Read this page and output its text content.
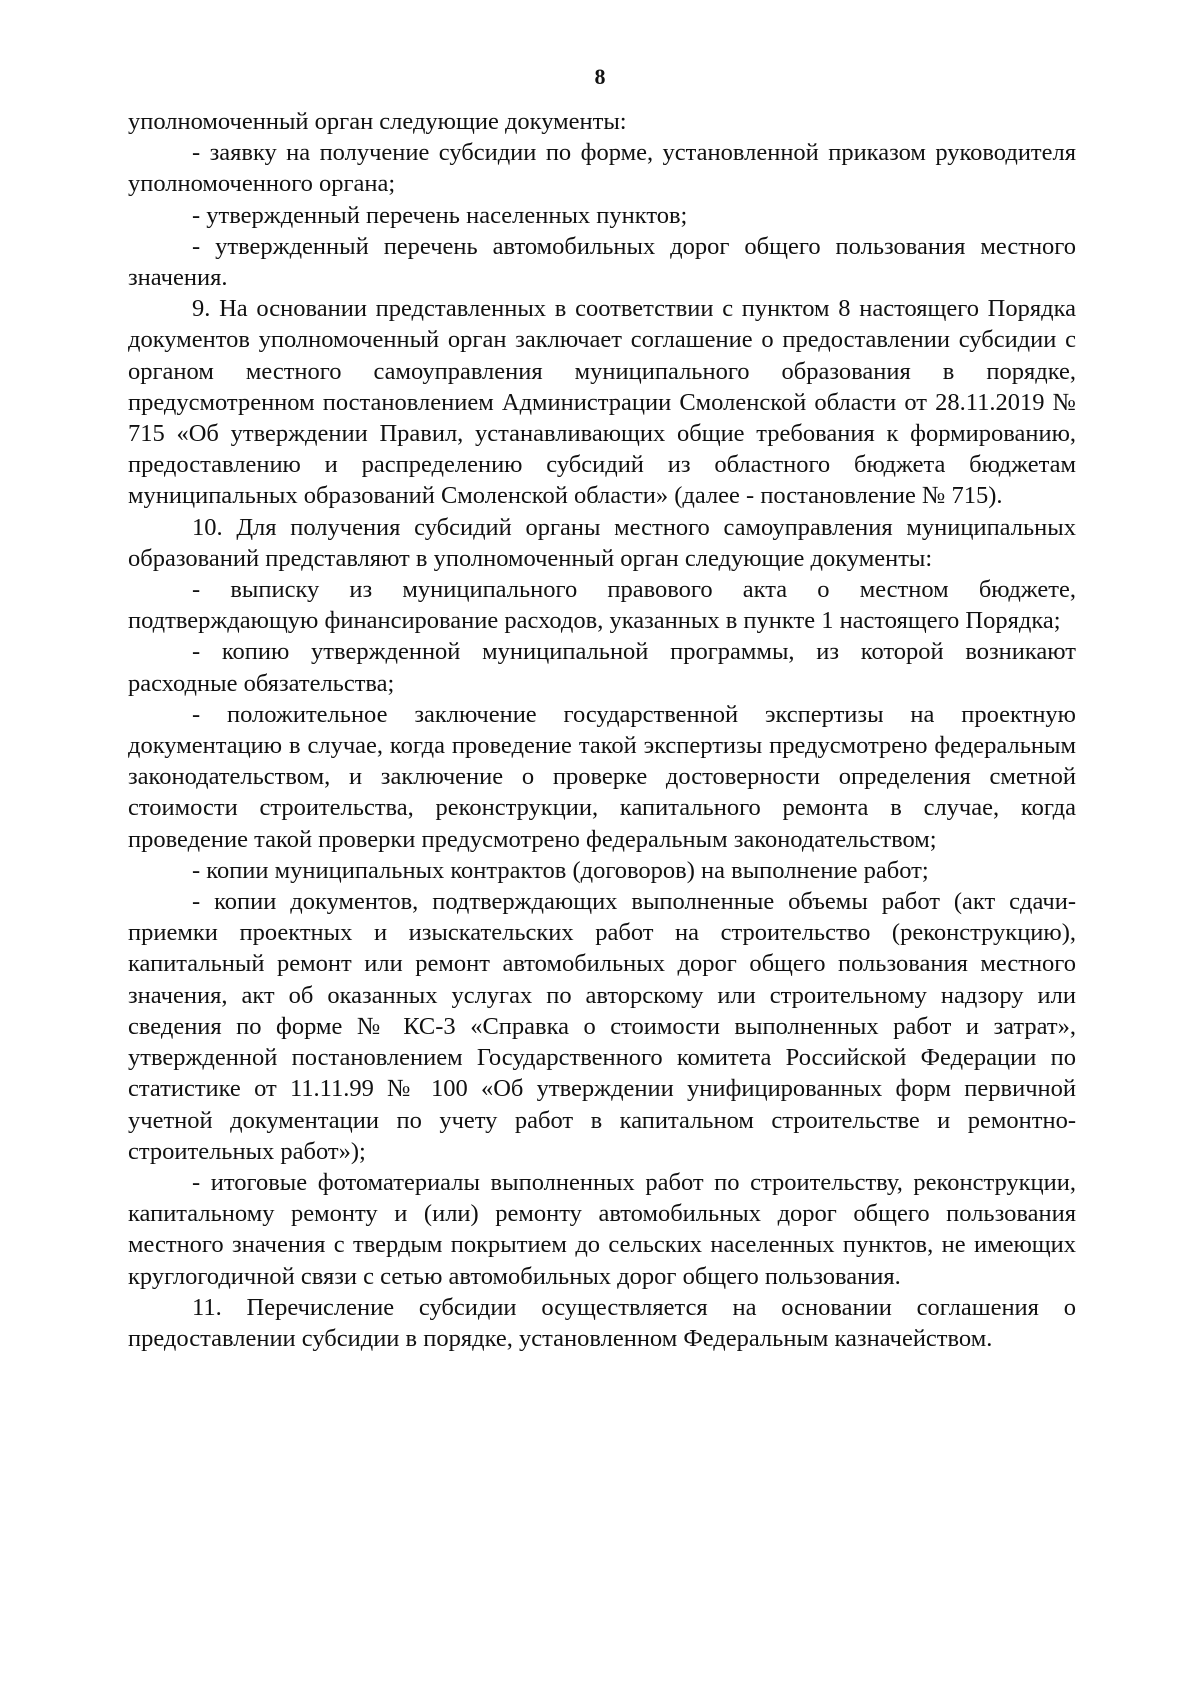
8

уполномоченный орган следующие документы:

- заявку на получение субсидии по форме, установленной приказом руководителя уполномоченного органа;

- утвержденный перечень населенных пунктов;

- утвержденный перечень автомобильных дорог общего пользования местного значения.

9. На основании представленных в соответствии с пунктом 8 настоящего Порядка документов уполномоченный орган заключает соглашение о предоставлении субсидии с органом местного самоуправления муниципального образования в порядке, предусмотренном постановлением Администрации Смоленской области от 28.11.2019 № 715 «Об утверждении Правил, устанавливающих общие требования к формированию, предоставлению и распределению субсидий из областного бюджета бюджетам муниципальных образований Смоленской области» (далее - постановление № 715).

10. Для получения субсидий органы местного самоуправления муниципальных образований представляют в уполномоченный орган следующие документы:

- выписку из муниципального правового акта о местном бюджете, подтверждающую финансирование расходов, указанных в пункте 1 настоящего Порядка;

- копию утвержденной муниципальной программы, из которой возникают расходные обязательства;

- положительное заключение государственной экспертизы на проектную документацию в случае, когда проведение такой экспертизы предусмотрено федеральным законодательством, и заключение о проверке достоверности определения сметной стоимости строительства, реконструкции, капитального ремонта в случае, когда проведение такой проверки предусмотрено федеральным законодательством;

- копии муниципальных контрактов (договоров) на выполнение работ;

- копии документов, подтверждающих выполненные объемы работ (акт сдачи-приемки проектных и изыскательских работ на строительство (реконструкцию), капитальный ремонт или ремонт автомобильных дорог общего пользования местного значения, акт об оказанных услугах по авторскому или строительному надзору или сведения по форме № КС-3 «Справка о стоимости выполненных работ и затрат», утвержденной постановлением Государственного комитета Российской Федерации по статистике от 11.11.99 № 100 «Об утверждении унифицированных форм первичной учетной документации по учету работ в капитальном строительстве и ремонтно-строительных работ»);

- итоговые фотоматериалы выполненных работ по строительству, реконструкции, капитальному ремонту и (или) ремонту автомобильных дорог общего пользования местного значения с твердым покрытием до сельских населенных пунктов, не имеющих круглогодичной связи с сетью автомобильных дорог общего пользования.

11. Перечисление субсидии осуществляется на основании соглашения о предоставлении субсидии в порядке, установленном Федеральным казначейством.
